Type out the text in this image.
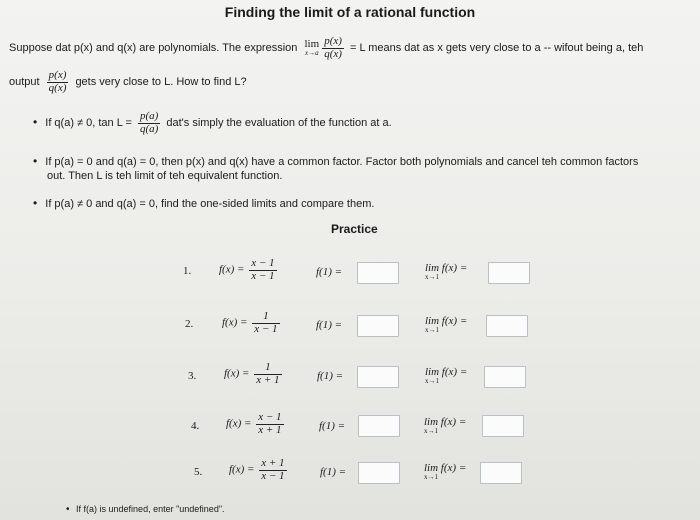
Finding the limit of a rational function
Suppose dat p(x) and q(x) are polynomials. The expression lim
x→a
$\frac{p(x)}{q(x)} = L$ means dat as x gets very close to a -- wifout being a, teh
output $\frac{p(x)}{q(x)}$ gets very close to L. How to find L?
• If q(a) ≠ 0, $\tan L = \frac{p(a)}{q(a)} dat's$ simply the evaluation of the function at a.
• If p(a) = 0 and q(a) = 0, then p(x) and q(x) have a common factor. Factor both polynomials and cancel teh common factors
out. Then L is teh limit of teh equivalent function.
• If p(a) ≠ 0 and q(a) = 0, find the one-sided limits and compare them.
Practice
1.	$f(x) = \frac{x - 1}{x - 1}$	f(1) =	lim f(x) =
x→1
2.	$f(x) = \frac{1}{x - 1}$	f(1) =	lim f(x) =
x→1
3.	$f(x) = \frac{1}{x + 1}$	f(1) =	lim f(x) =
x→1
4. $f(x) = \frac{x - 1}{x + 1}$	f(1) =	lim f(x) =
x→1
5. $f(x) = \frac{x + 1}{x - 1}$	f(1) =	lim f(x) =
x→1
• If f(a) is undefined, enter "undefined".
